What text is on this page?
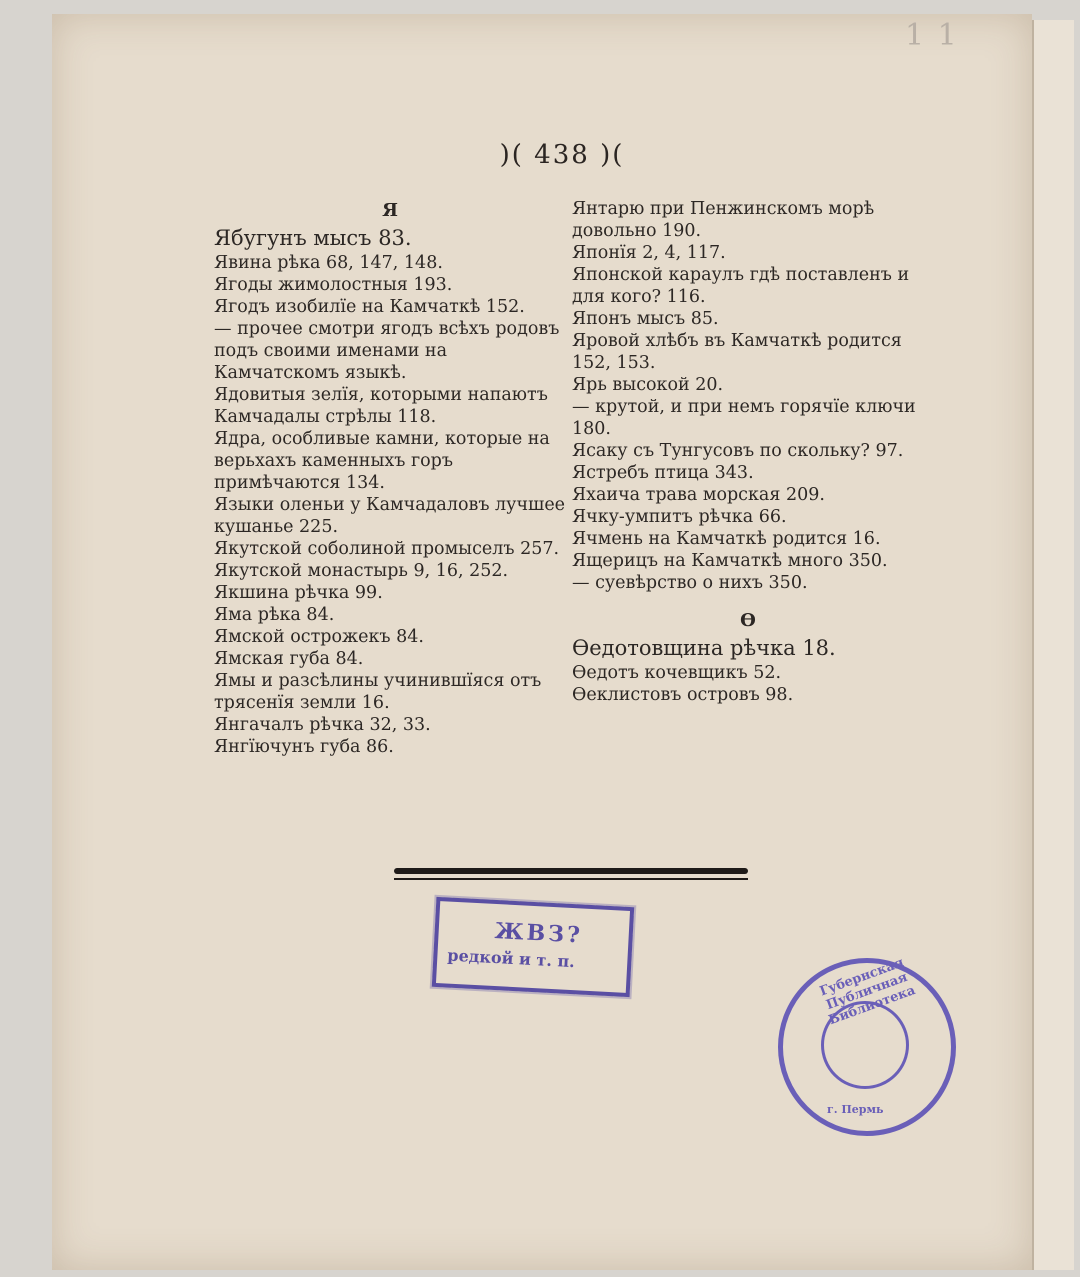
1 1
)( 438 )(
Я

Ябугунъ мысъ 83.

Явина рѣка 68, 147, 148.

Ягоды жимолостныя 193.

Ягодъ изобилїе на Камчаткѣ 152.

— прочее смотри ягодъ всѣхъ родовъ подъ своими именами на Камчатскомъ языкѣ.

Ядовитыя зелїя, которыми напаютъ Камчадалы стрѣлы 118.

Ядра, особливые камни, которые на верьхахъ каменныхъ горъ примѣчаются 134.

Языки оленьи у Камчадаловъ лучшее кушанье 225.

Якутской соболиной промыселъ 257.

Якутской монастырь 9, 16, 252.

Якшина рѣчка 99.

Яма рѣка 84.

Ямской острожекъ 84.

Ямская губа 84.

Ямы и разсѣлины учинившїяся отъ трясенїя земли 16.

Янгачалъ рѣчка 32, 33.

Янгїючунъ губа 86.

Янтарю при Пенжинскомъ морѣ довольно 190.

Японїя 2, 4, 117.

Японской караулъ гдѣ поставленъ и для кого? 116.

Японъ мысъ 85.

Яровой хлѣбъ въ Камчаткѣ родится 152, 153.

Ярь высокой 20.

— крутой, и при немъ горячїе ключи 180.

Ясаку съ Тунгусовъ по скольку? 97.

Ястребъ птица 343.

Яхаича трава морская 209.

Ячку-умпитъ рѣчка 66.

Ячмень на Камчаткѣ родится 16.

Ящерицъ на Камчаткѣ много 350.

— суевѣрство о нихъ 350.

Ѳ

Ѳедотовщина рѣчка 18.

Ѳедотъ кочевщикъ 52.

Ѳеклистовъ островъ 98.

ЖВЗ?
редкой и т. п.	Губернская Публичная Библиотека
г. Пермь
